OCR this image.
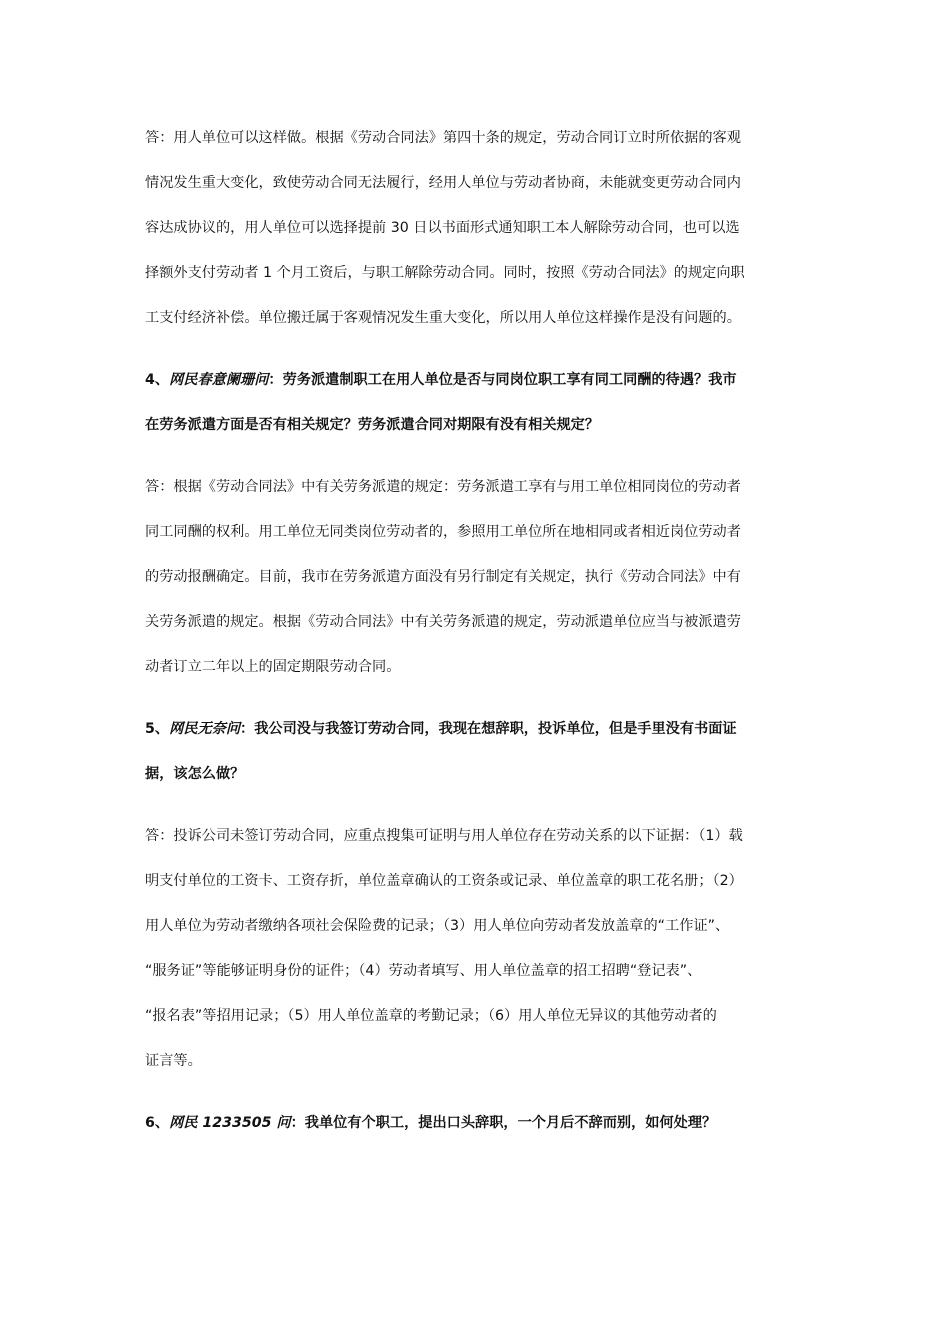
答：用人单位可以这样做。根据《劳动合同法》第四十条的规定，劳动合同订立时所依据的客观
情况发生重大变化，致使劳动合同无法履行，经用人单位与劳动者协商，未能就变更劳动合同内
容达成协议的，用人单位可以选择提前 30 日以书面形式通知职工本人解除劳动合同，也可以选
择额外支付劳动者 1 个月工资后，与职工解除劳动合同。同时，按照《劳动合同法》的规定向职
工支付经济补偿。单位搬迁属于客观情况发生重大变化，所以用人单位这样操作是没有问题的。
4、网民春意阑珊问：劳务派遣制职工在用人单位是否与同岗位职工享有同工同酬的待遇？我市
在劳务派遣方面是否有相关规定？劳务派遣合同对期限有没有相关规定？
答：根据《劳动合同法》中有关劳务派遣的规定：劳务派遣工享有与用工单位相同岗位的劳动者
同工同酬的权利。用工单位无同类岗位劳动者的，参照用工单位所在地相同或者相近岗位劳动者
的劳动报酬确定。目前，我市在劳务派遣方面没有另行制定有关规定，执行《劳动合同法》中有
关劳务派遣的规定。根据《劳动合同法》中有关劳务派遣的规定，劳动派遣单位应当与被派遣劳
动者订立二年以上的固定期限劳动合同。
5、网民无奈问：我公司没与我签订劳动合同，我现在想辞职，投诉单位，但是手里没有书面证
据，该怎么做？
答：投诉公司未签订劳动合同，应重点搜集可证明与用人单位存在劳动关系的以下证据：（1）载
明支付单位的工资卡、工资存折，单位盖章确认的工资条或记录、单位盖章的职工花名册；（2）
用人单位为劳动者缴纳各项社会保险费的记录；（3）用人单位向劳动者发放盖章的“工作证”、
“服务证”等能够证明身份的证件；（4）劳动者填写、用人单位盖章的招工招聘“登记表”、
“报名表”等招用记录；（5）用人单位盖章的考勤记录；（6）用人单位无异议的其他劳动者的
证言等。
6、网民 1233505 问：我单位有个职工，提出口头辞职，一个月后不辞而别，如何处理？
